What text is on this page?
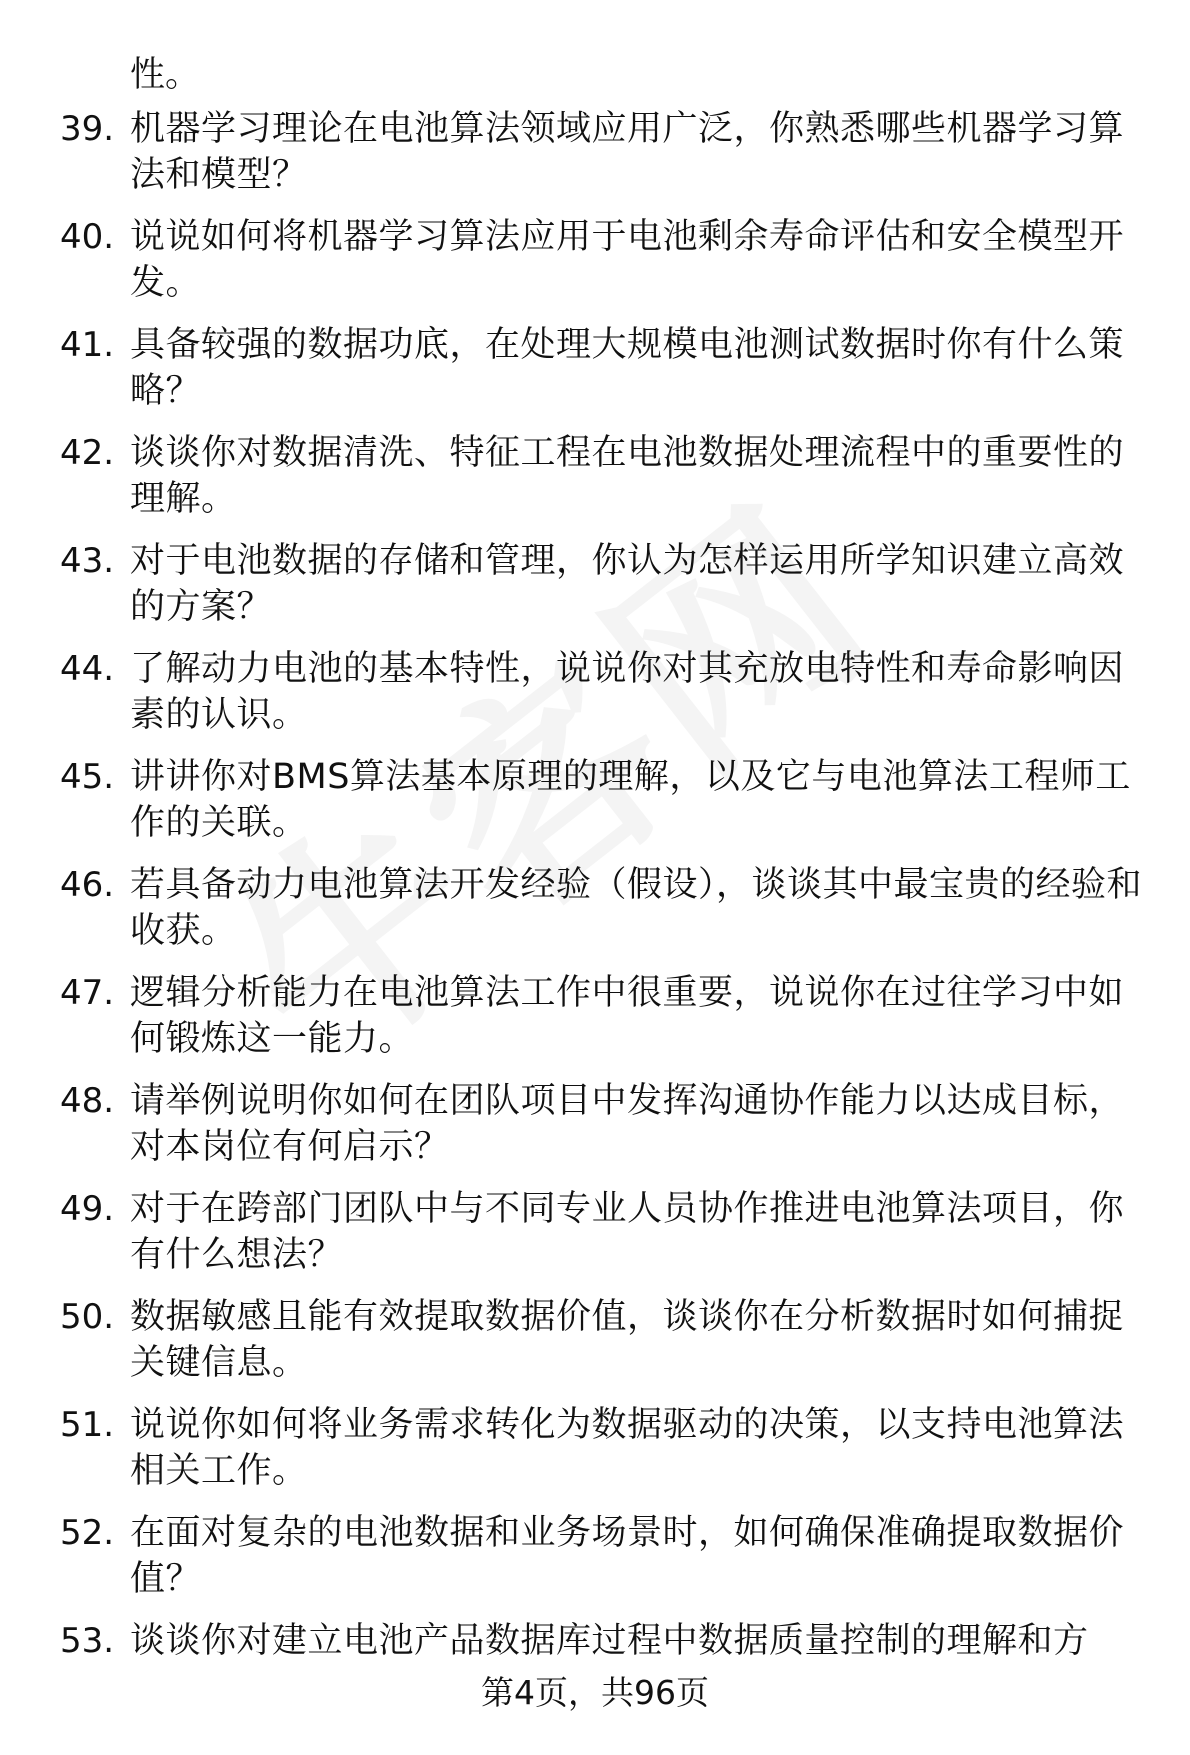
性。

39. 机器学习理论在电池算法领域应用广泛，你熟悉哪些机器学习算法和模型？
40. 说说如何将机器学习算法应用于电池剩余寿命评估和安全模型开发。
41. 具备较强的数据功底，在处理大规模电池测试数据时你有什么策略？
42. 谈谈你对数据清洗、特征工程在电池数据处理流程中的重要性的理解。
43. 对于电池数据的存储和管理，你认为怎样运用所学知识建立高效的方案？
44. 了解动力电池的基本特性，说说你对其充放电特性和寿命影响因素的认识。
45. 讲讲你对BMS算法基本原理的理解，以及它与电池算法工程师工作的关联。
46. 若具备动力电池算法开发经验（假设），谈谈其中最宝贵的经验和收获。
47. 逻辑分析能力在电池算法工作中很重要，说说你在过往学习中如何锻炼这一能力。
48. 请举例说明你如何在团队项目中发挥沟通协作能力以达成目标，对本岗位有何启示？
49. 对于在跨部门团队中与不同专业人员协作推进电池算法项目，你有什么想法？
50. 数据敏感且能有效提取数据价值，谈谈你在分析数据时如何捕捉关键信息。
51. 说说你如何将业务需求转化为数据驱动的决策，以支持电池算法相关工作。
52. 在面对复杂的电池数据和业务场景时，如何确保准确提取数据价值？
53. 谈谈你对建立电池产品数据库过程中数据质量控制的理解和方
第4页，共96页
